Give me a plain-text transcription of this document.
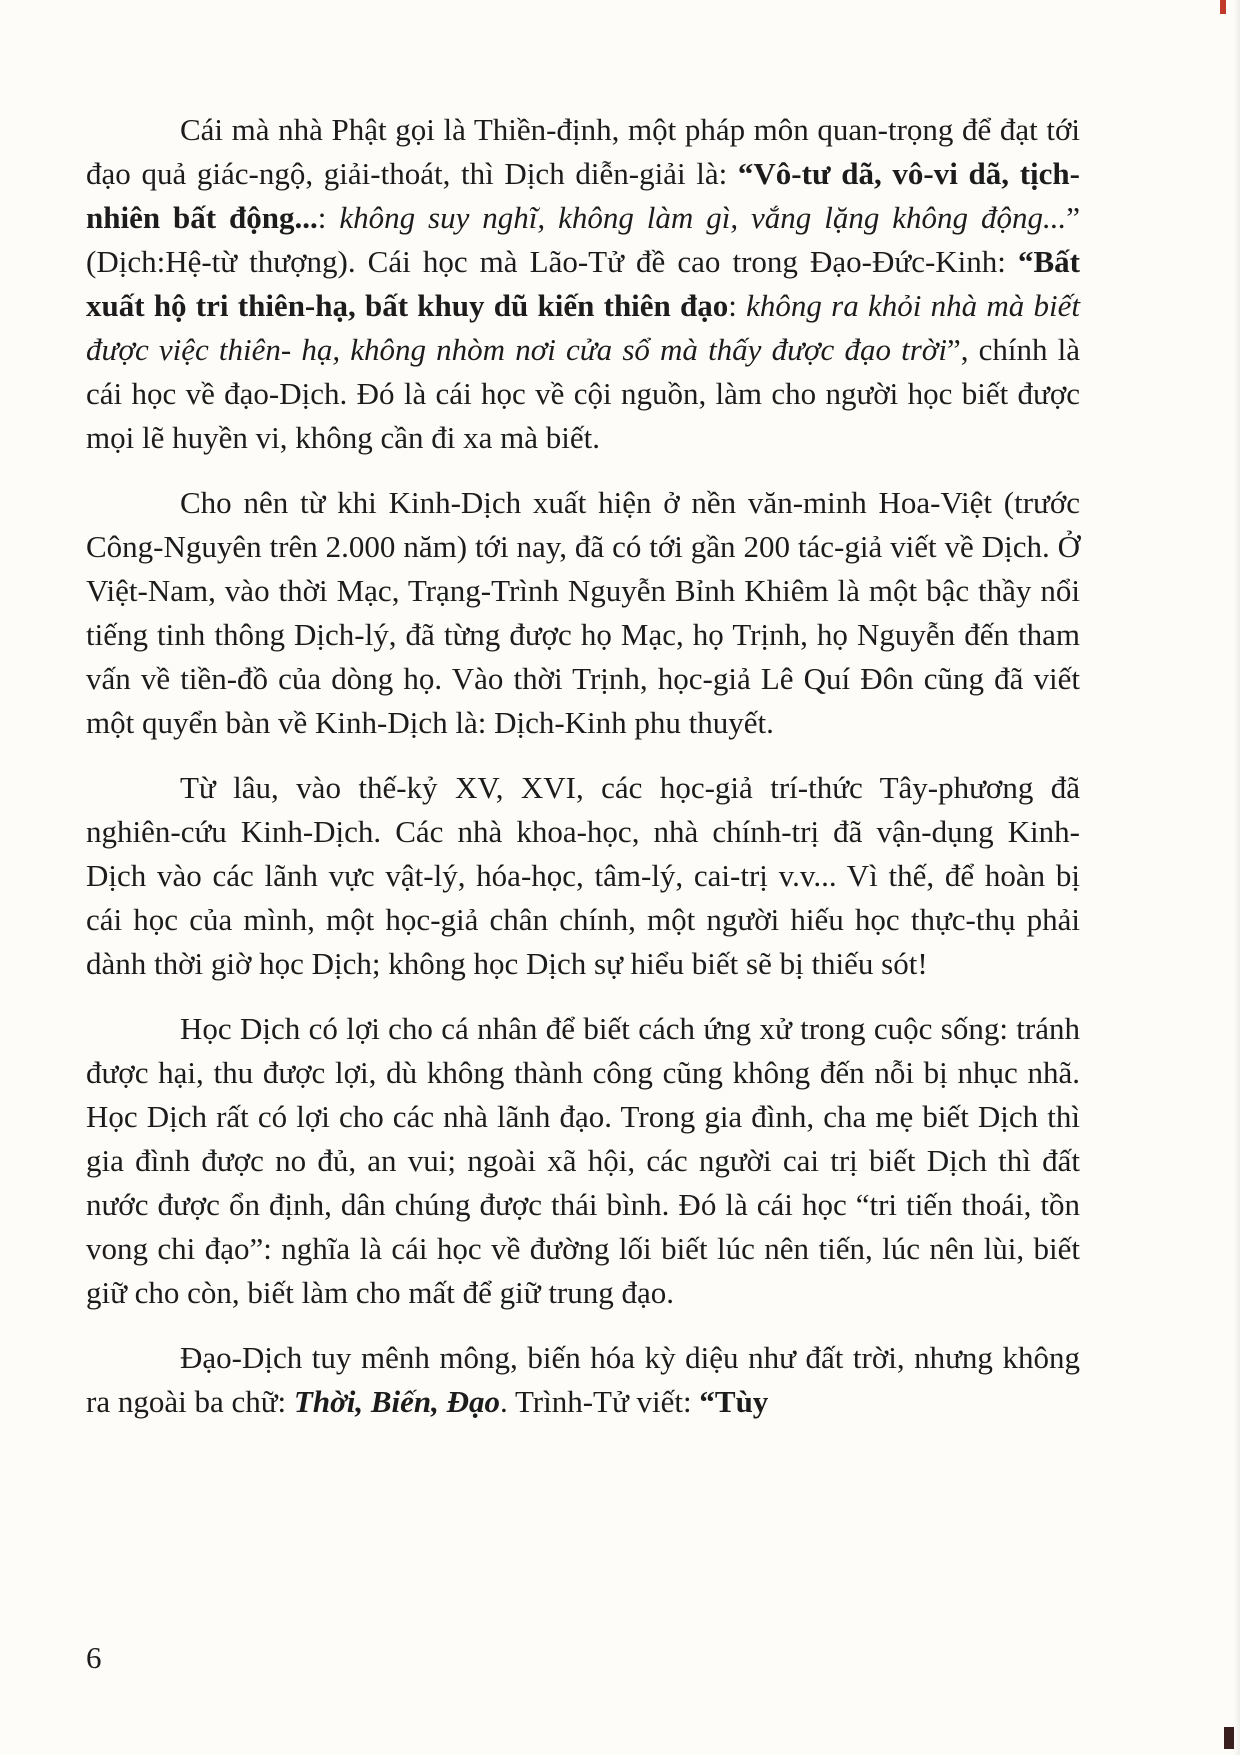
Cái mà nhà Phật gọi là Thiền-định, một pháp môn quan-trọng để đạt tới đạo quả giác-ngộ, giải-thoát, thì Dịch diễn-giải là: “Vô-tư dã, vô-vi dã, tịch-nhiên bất động...: không suy nghĩ, không làm gì, vắng lặng không động...” (Dịch:Hệ-từ thượng). Cái học mà Lão-Tử đề cao trong Đạo-Đức-Kinh: “Bất xuất hộ tri thiên-hạ, bất khuy dũ kiến thiên đạo: không ra khỏi nhà mà biết được việc thiên- hạ, không nhòm nơi cửa sổ mà thấy được đạo trời”, chính là cái học về đạo-Dịch. Đó là cái học về cội nguồn, làm cho người học biết được mọi lẽ huyền vi, không cần đi xa mà biết.

Cho nên từ khi Kinh-Dịch xuất hiện ở nền văn-minh Hoa-Việt (trước Công-Nguyên trên 2.000 năm) tới nay, đã có tới gần 200 tác-giả viết về Dịch. Ở Việt-Nam, vào thời Mạc, Trạng-Trình Nguyễn Bỉnh Khiêm là một bậc thầy nổi tiếng tinh thông Dịch-lý, đã từng được họ Mạc, họ Trịnh, họ Nguyễn đến tham vấn về tiền-đồ của dòng họ. Vào thời Trịnh, học-giả Lê Quí Đôn cũng đã viết một quyển bàn về Kinh-Dịch là: Dịch-Kinh phu thuyết.

Từ lâu, vào thế-kỷ XV, XVI, các học-giả trí-thức Tây-phương đã nghiên-cứu Kinh-Dịch. Các nhà khoa-học, nhà chính-trị đã vận-dụng Kinh-Dịch vào các lãnh vực vật-lý, hóa-học, tâm-lý, cai-trị v.v... Vì thế, để hoàn bị cái học của mình, một học-giả chân chính, một người hiếu học thực-thụ phải dành thời giờ học Dịch; không học Dịch sự hiểu biết sẽ bị thiếu sót!

Học Dịch có lợi cho cá nhân để biết cách ứng xử trong cuộc sống: tránh được hại, thu được lợi, dù không thành công cũng không đến nỗi bị nhục nhã. Học Dịch rất có lợi cho các nhà lãnh đạo. Trong gia đình, cha mẹ biết Dịch thì gia đình được no đủ, an vui; ngoài xã hội, các người cai trị biết Dịch thì đất nước được ổn định, dân chúng được thái bình. Đó là cái học “tri tiến thoái, tồn vong chi đạo”: nghĩa là cái học về đường lối biết lúc nên tiến, lúc nên lùi, biết giữ cho còn, biết làm cho mất để giữ trung đạo.

Đạo-Dịch tuy mênh mông, biến hóa kỳ diệu như đất trời, nhưng không ra ngoài ba chữ: Thời, Biến, Đạo. Trình-Tử viết: “Tùy

6
